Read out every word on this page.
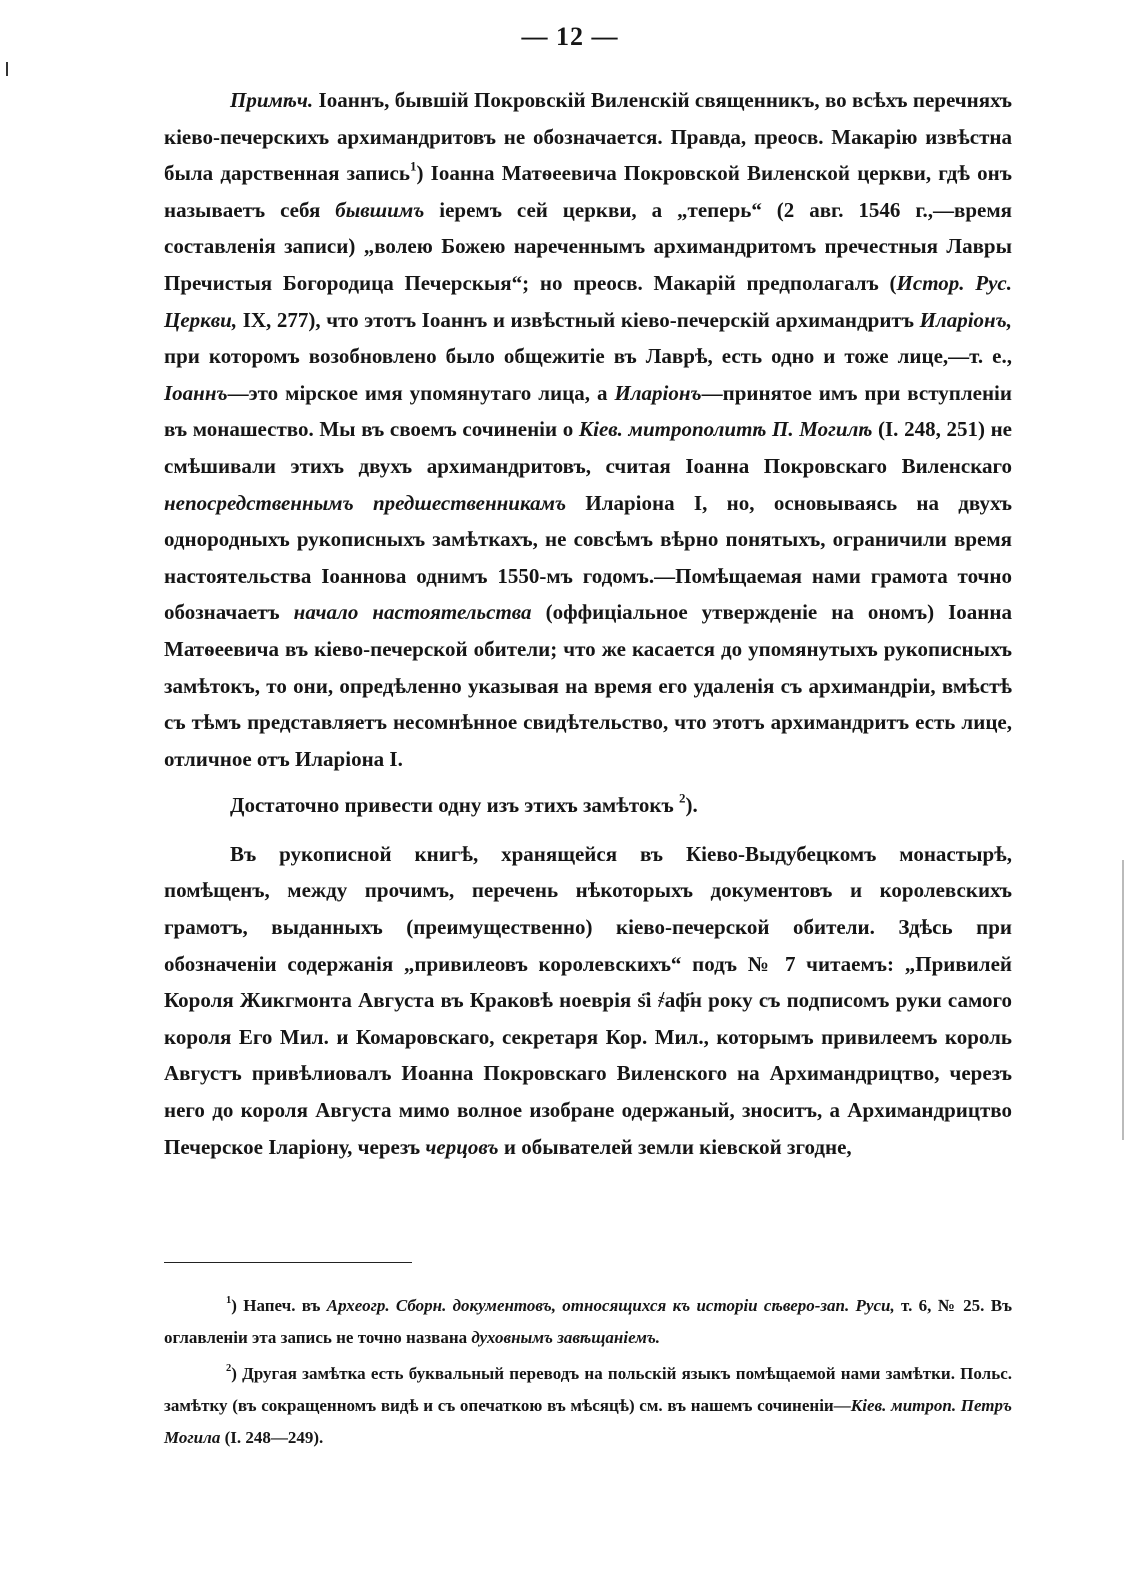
— 12 —

Примѣч. Іоаннъ, бывшій Покровскій Виленскій священникъ, во всѣхъ перечняхъ кіево-печерскихъ архимандритовъ не обозначается. Правда, преосв. Макарію извѣстна была дарственная запись$^1$) Іоанна Матѳеевича Покровской Виленской церкви, гдѣ онъ называетъ себя бывшимъ іеремъ сей церкви, а „теперь“ (2 авг. 1546 г.,—время составленія записи) „волею Божею нареченнымъ архимандритомъ пречестныя Лавры Пречистыя Богородица Печерскыя“; но преосв. Макарій предполагалъ (Истор. Рус. Церкви, IX, 277), что этотъ Іоаннъ и извѣстный кіево-печерскій архимандритъ Иларіонъ, при которомъ возобновлено было общежитіе въ Лаврѣ, есть одно и тоже лице,—т. е., Іоаннъ—это мірское имя упомянутаго лица, а Иларіонъ—принятое имъ при вступленіи въ монашество. Мы въ своемъ сочиненіи о Кіев. митрополитѣ П. Могилѣ (I. 248, 251) не смѣшивали этихъ двухъ архимандритовъ, считая Іоанна Покровскаго Виленскаго непосредственнымъ предшественникамъ Иларіона I, но, основываясь на двухъ однородныхъ рукописныхъ замѣткахъ, не совсѣмъ вѣрно понятыхъ, ограничили время настоятельства Іоаннова однимъ 1550-мъ годомъ.—Помѣщаемая нами грамота точно обозначаетъ начало настоятельства (оффиціальное утвержденіе на ономъ) Іоанна Матѳеевича въ кіево-печерской обители; что же касается до упомянутыхъ рукописныхъ замѣтокъ, то они, опредѣленно указывая на время его удаленія съ архимандріи, вмѣстѣ съ тѣмъ представляетъ несомнѣнное свидѣтельство, что этотъ архимандритъ есть лице, отличное отъ Иларіона I.

Достаточно привести одну изъ этихъ замѣтокъ $^2$).

Въ рукописной книгѣ, хранящейся въ Кіево-Выдубецкомъ монастырѣ, помѣщенъ, между прочимъ, перечень нѣкоторыхъ документовъ и королевскихъ грамотъ, выданныхъ (преимущественно) кіево-печерской обители. Здѣсь при обозначеніи содержанія „привилеовъ королевскихъ“ подъ № 7 читаемъ: „Привилей Короля Жикгмонта Августа въ Краковѣ ноеврія ѕ҃і ҂аф҃н року съ подписомъ руки самого короля Его Мил. и Комаровскаго, секретаря Кор. Мил., которымъ привилеемъ король Августъ привѣлиовалъ Иоанна Покровскаго Виленского на Архимандрицтво, черезъ него до короля Августа мимо волное изобране одержаный, зноситъ, а Архимандрицтво Печерское Іларіону, черезъ черцовъ и обывателей земли кіевской згодне,

$^1$) Напеч. въ Археогр. Сборн. документовъ, относящихся къ исторіи сѣверо-зап. Руси, т. 6, № 25. Въ оглавленіи эта запись не точно названа духовнымъ завѣщаніемъ.

$^2$) Другая замѣтка есть буквальный переводъ на польскій языкъ помѣщаемой нами замѣтки. Польс. замѣтку (въ сокращенномъ видѣ и съ опечаткою въ мѣсяцѣ) см. въ нашемъ сочиненіи—Кіев. митроп. Петръ Могила (I. 248—249).
